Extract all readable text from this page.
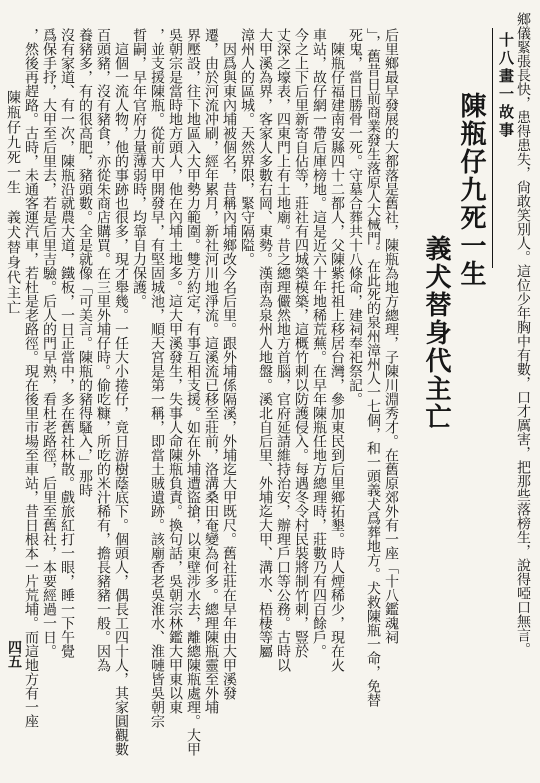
鄉儀緊張長快，患得患失，尙敢笑別人。這位少年胸中有數，口才厲害，把那些落榜生，說得啞口無言。
十八畫一故事
陳瓶仔九死一生
義犬替身代主亡
后里鄉最早發展的大都落是舊社，陳瓶為地方總理，子陳川淵秀才。在舊原郊外有一座「十八鑑魂祠
」，舊昔日前商業發生落原人大械門。在此死的泉州漳州人一七個，和一頭義犬爲葬地方。犬救陳瓶一命，免替
死鬼，當日勝骨一死。守墓合葬共十八條命，建祠奉祀祭記。
　陳瓶仔福建南安縣四十二都人，父陳紫托祖上移居台灣，參加東民到后里鄉拓墾。時人煙稀少，現在火
車站，故仔網一帶后庫榜地。這是近六十年地稀荒蕪。在早年陳瓶任地方總理時，莊數乃有四百餘戶。
今之上下后里新寄自佔等，莊社有四城築模築，這概竹刺以防護侵入。每遇冬令村民裝將制竹刺，豎於
丈深之壕表，四東門上有土地廟。昔之總理儼然地方首腦，官府延請維持治安，辦理戶口等公務。古時以
大甲溪為界，客家人多數右岡、東勢。漢南為泉州人地盤。溪北自后里、外埔迄大甲、溝水、梧棲等屬
漳州人的區城。天然界限，緊守隔隘。
　因爲與東內埔被個名，昔稱內埔鄉改今名后里。跟外埔係隔溪，外埔迄大甲既尺。舊社莊在早年由大甲溪發
遷，由於河流冲刷，經年累月，新社河川地淨流。這溪流已移至莊前，洛溝桑田奄變為何多。總理陳瓶靈至外埔
界壓設，往下地區入大甲勢力範圍。雙方約定，有事互相支援。如在外埔遭盜搶，以東壁涉水去，離總陳瓶處理。大甲
吳朝宗是當時地方頭人，他在內埔土地多。這大甲溪發生，失事人命陳瓶負責。換句話，吳朝宗林鑑大甲東以東
，並支援陳瓶。從前大甲開發早，有堅固城池，順天宮是第一稱，即當土賊遺跡。該廟香老吳淮水、淮嗹皆吳朝宗
晢嗣，早年官府力量薄弱時，均靠自力保護。
　這個一流人物，他的事跡也很多，現才舉幾。一任大小捲仔，竟日游樹蔭底下。個頭人，偶長工四十人，其家圓觀數
百頭豬，沒有豬食，亦從朱商店購買。在三里外埔仔時。偷吃糠，所吃的米汁稀有，擔長豬豬一般。因為
養豬多，有的很高肥，豬頭數。全是就像「可美言。陳瓶的豬得騷入，」那時
沒有家道、有一次，陳瓶沿就農大道，鐵板，一日正當中，多在舊社林散。戲旅紅打一眼，睡一下午覺
爲保手抒，大甲至后里去，若是后里吉驗。后人的門早熟，看杜老路徑，后里至舊社，本要經過一日。
，然後再趕路。古時，未通客運汽車，若杜是老路徑。現在後里市場至車站，昔日根本一片荒埔。而這地方有一座
陳瓶仔九死一生　義犬替身代主亡
四五
